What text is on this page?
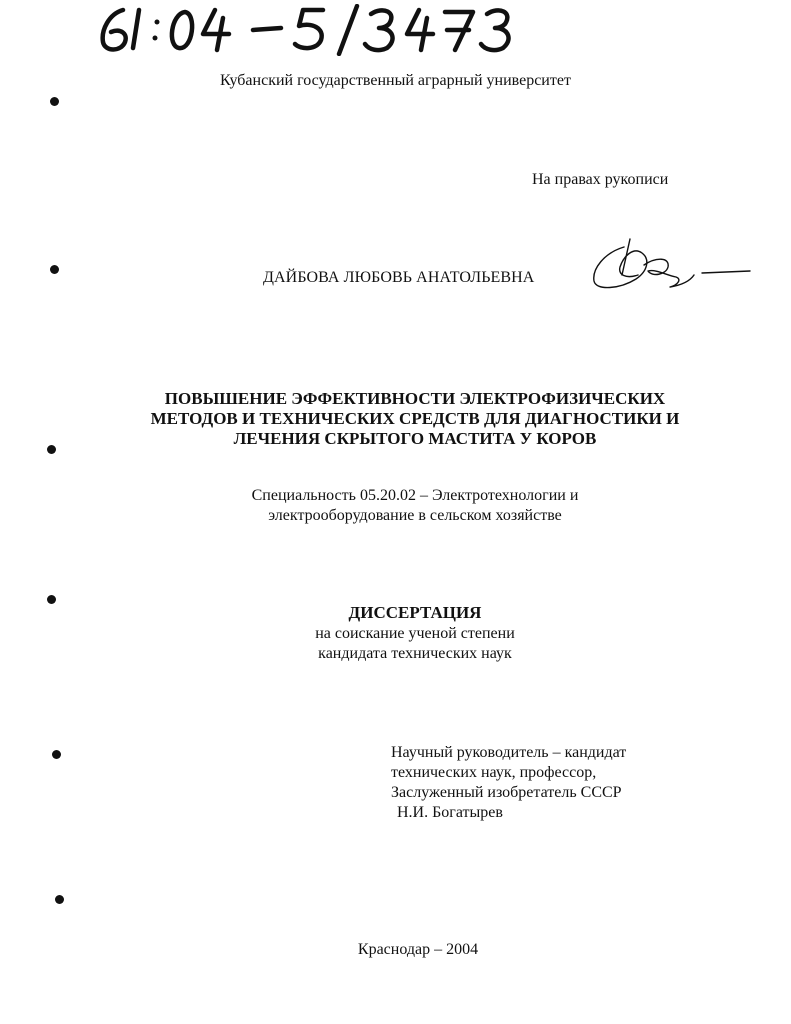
Кубанский государственный аграрный университет
На правах рукописи
ДАЙБОВА ЛЮБОВЬ АНАТОЛЬЕВНА
ПОВЫШЕНИЕ ЭФФЕКТИВНОСТИ ЭЛЕКТРОФИЗИЧЕСКИХ
МЕТОДОВ И ТЕХНИЧЕСКИХ СРЕДСТВ ДЛЯ ДИАГНОСТИКИ И
ЛЕЧЕНИЯ СКРЫТОГО МАСТИТА У КОРОВ
Специальность 05.20.02 – Электротехнологии и
электрооборудование в сельском хозяйстве
ДИССЕРТАЦИЯ
на соискание ученой степени
кандидата технических наук
Научный руководитель – кандидат
технических наук, профессор,
Заслуженный изобретатель СССР
Н.И. Богатырев
Краснодар – 2004
